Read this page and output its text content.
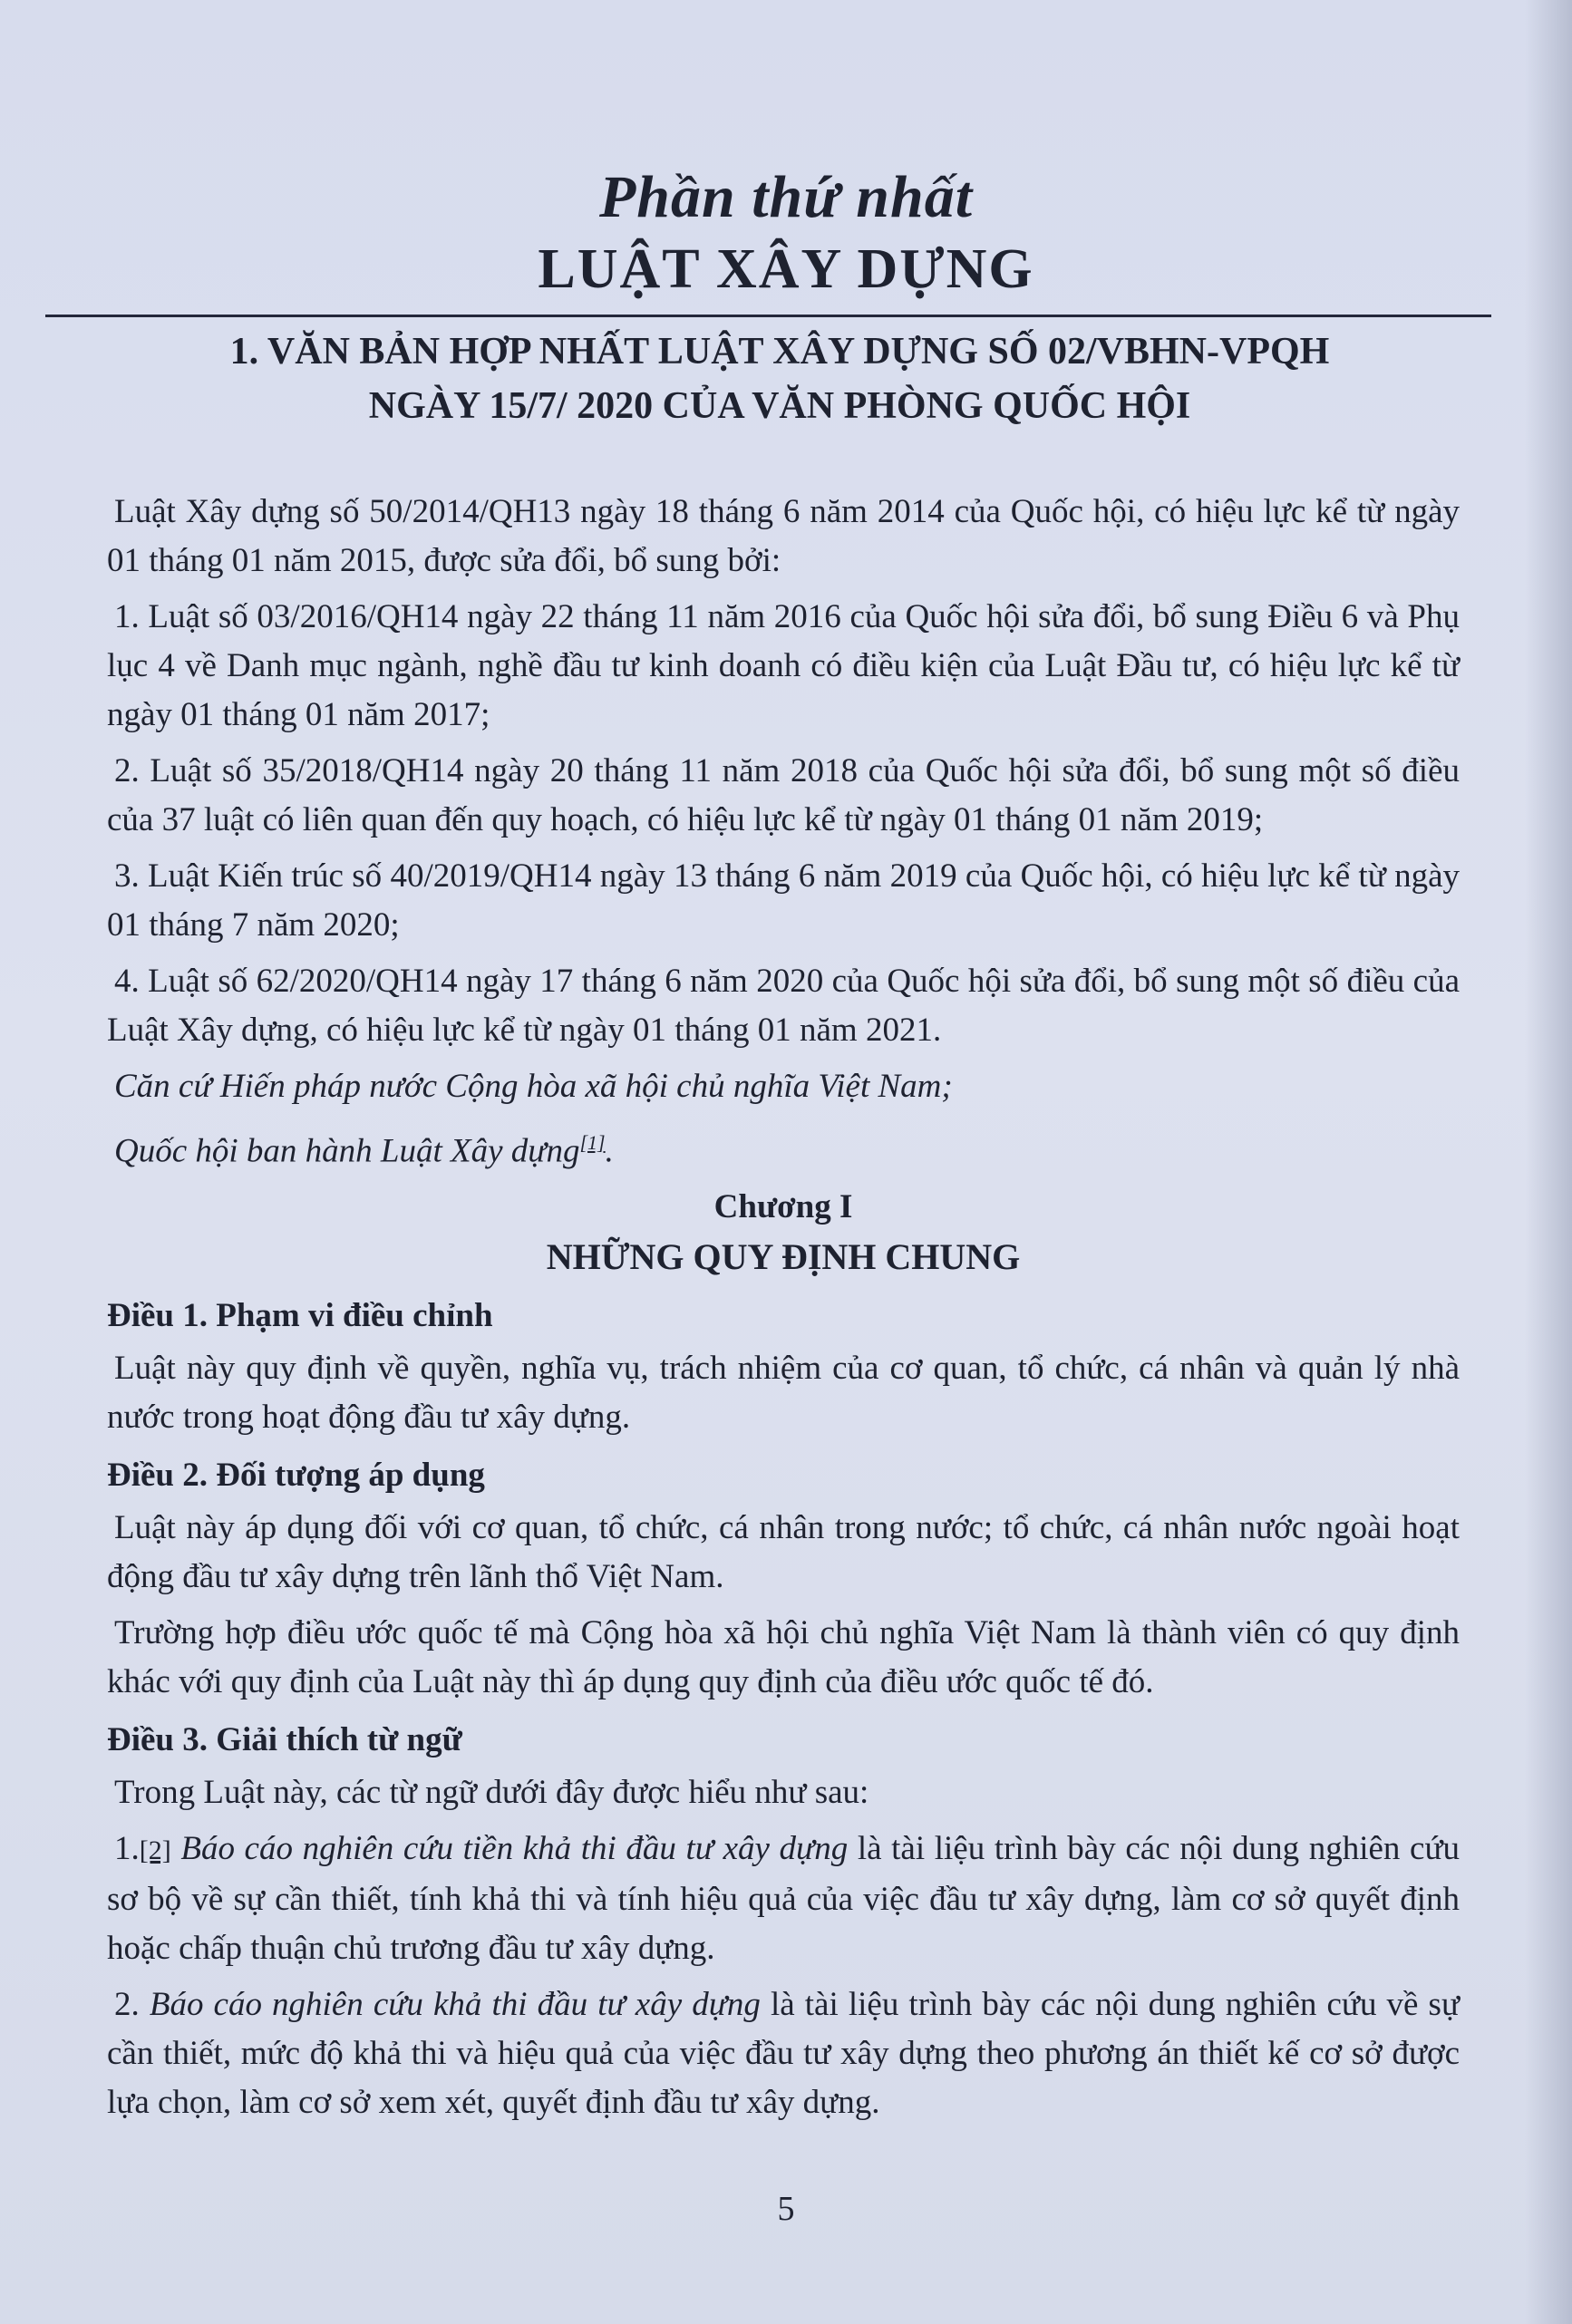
Phần thứ nhất
LUẬT XÂY DỰNG
1. VĂN BẢN HỢP NHẤT LUẬT XÂY DỰNG SỐ 02/VBHN-VPQH
NGÀY 15/7/ 2020 CỦA VĂN PHÒNG QUỐC HỘI

Luật Xây dựng số 50/2014/QH13 ngày 18 tháng 6 năm 2014 của Quốc hội, có hiệu lực kể từ ngày 01 tháng 01 năm 2015, được sửa đổi, bổ sung bởi:

1. Luật số 03/2016/QH14 ngày 22 tháng 11 năm 2016 của Quốc hội sửa đổi, bổ sung Điều 6 và Phụ lục 4 về Danh mục ngành, nghề đầu tư kinh doanh có điều kiện của Luật Đầu tư, có hiệu lực kể từ ngày 01 tháng 01 năm 2017;

2. Luật số 35/2018/QH14 ngày 20 tháng 11 năm 2018 của Quốc hội sửa đổi, bổ sung một số điều của 37 luật có liên quan đến quy hoạch, có hiệu lực kể từ ngày 01 tháng 01 năm 2019;

3. Luật Kiến trúc số 40/2019/QH14 ngày 13 tháng 6 năm 2019 của Quốc hội, có hiệu lực kể từ ngày 01 tháng 7 năm 2020;

4. Luật số 62/2020/QH14 ngày 17 tháng 6 năm 2020 của Quốc hội sửa đổi, bổ sung một số điều của Luật Xây dựng, có hiệu lực kể từ ngày 01 tháng 01 năm 2021.

Căn cứ Hiến pháp nước Cộng hòa xã hội chủ nghĩa Việt Nam;

Quốc hội ban hành Luật Xây dựng[1].

Chương I
NHỮNG QUY ĐỊNH CHUNG
Điều 1. Phạm vi điều chỉnh

Luật này quy định về quyền, nghĩa vụ, trách nhiệm của cơ quan, tổ chức, cá nhân và quản lý nhà nước trong hoạt động đầu tư xây dựng.

Điều 2. Đối tượng áp dụng

Luật này áp dụng đối với cơ quan, tổ chức, cá nhân trong nước; tổ chức, cá nhân nước ngoài hoạt động đầu tư xây dựng trên lãnh thổ Việt Nam.

Trường hợp điều ước quốc tế mà Cộng hòa xã hội chủ nghĩa Việt Nam là thành viên có quy định khác với quy định của Luật này thì áp dụng quy định của điều ước quốc tế đó.

Điều 3. Giải thích từ ngữ

Trong Luật này, các từ ngữ dưới đây được hiểu như sau:

1.[2] Báo cáo nghiên cứu tiền khả thi đầu tư xây dựng là tài liệu trình bày các nội dung nghiên cứu sơ bộ về sự cần thiết, tính khả thi và tính hiệu quả của việc đầu tư xây dựng, làm cơ sở quyết định hoặc chấp thuận chủ trương đầu tư xây dựng.

2. Báo cáo nghiên cứu khả thi đầu tư xây dựng là tài liệu trình bày các nội dung nghiên cứu về sự cần thiết, mức độ khả thi và hiệu quả của việc đầu tư xây dựng theo phương án thiết kế cơ sở được lựa chọn, làm cơ sở xem xét, quyết định đầu tư xây dựng.

5
